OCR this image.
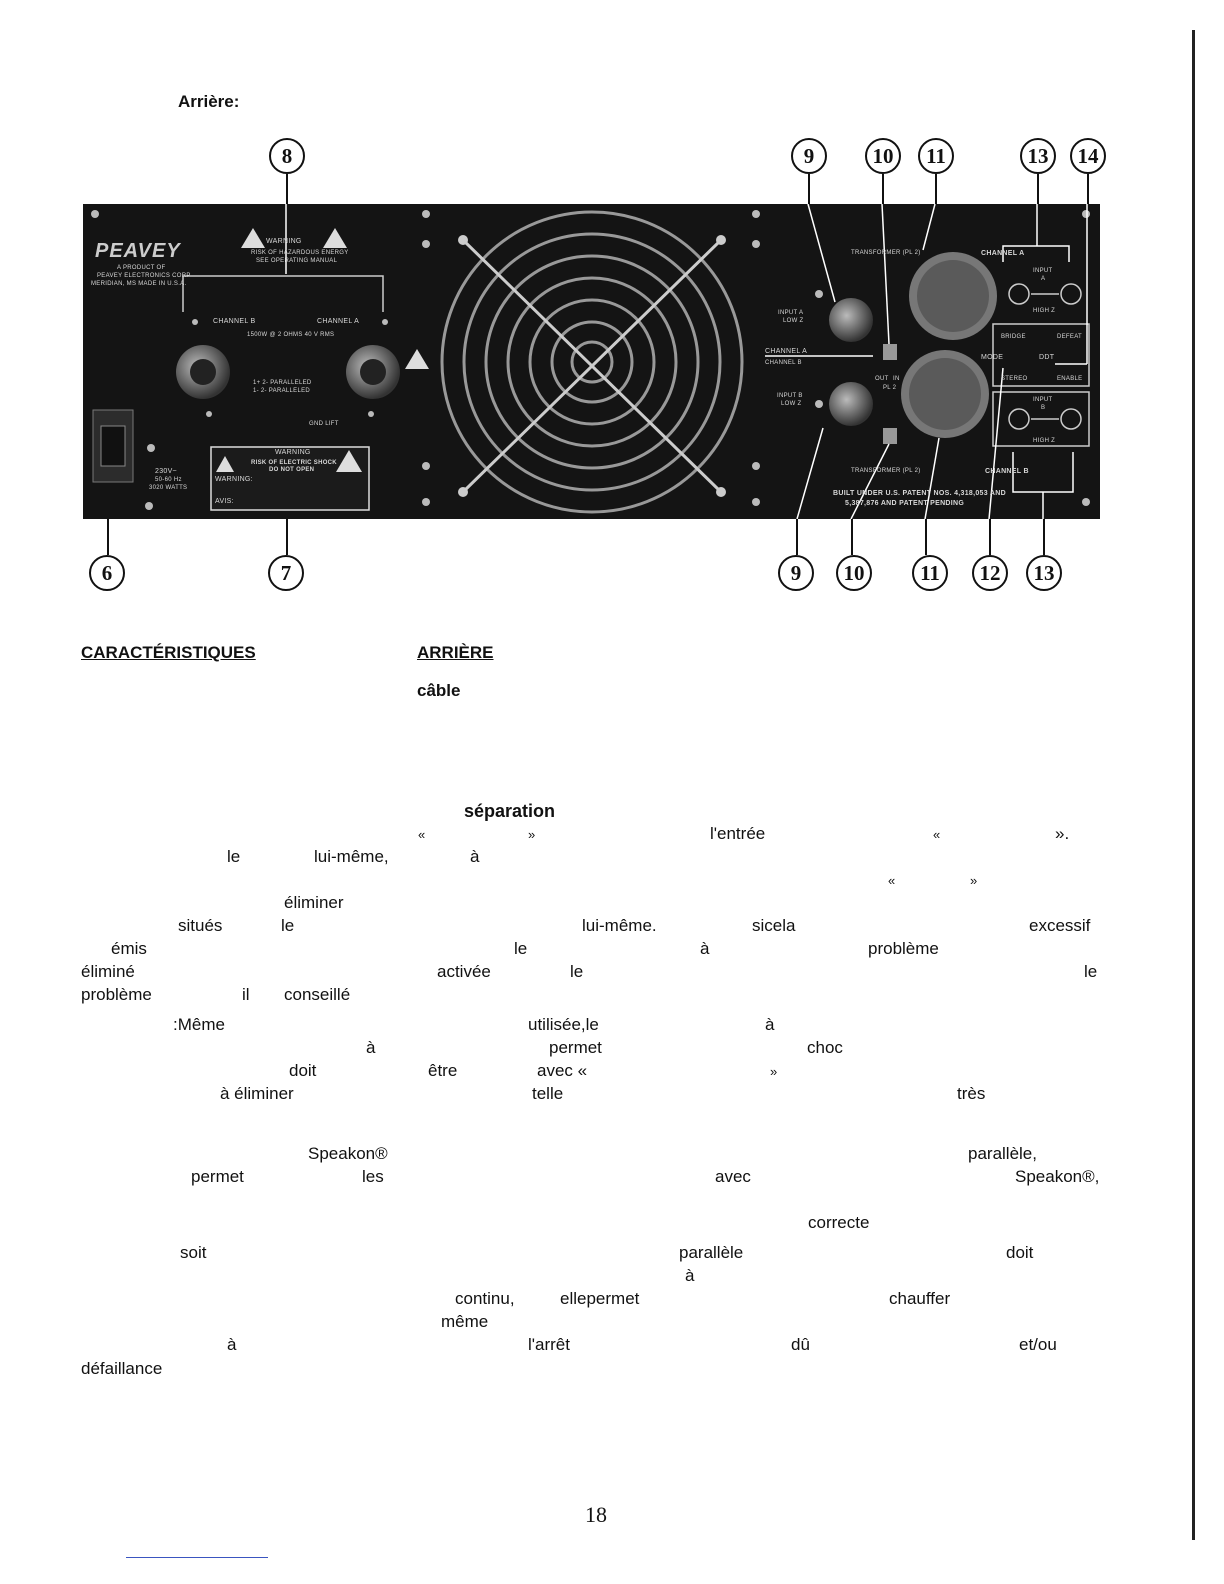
Arrière:
8	9	10	11	13	14
PEAVEY
A PRODUCT OF
PEAVEY ELECTRONICS CORP
MERIDIAN, MS MADE IN U.S.A.
WARNING
RISK OF HAZARDOUS ENERGY
SEE OPERATING MANUAL
CHANNEL B	CHANNEL A
1500W @ 2 OHMS 40 V RMS
1+ 2- PARALLELED
1- 2- PARALLELED
GND LIFT
230V~
50-60 Hz
3020 WATTS
WARNING
RISK OF ELECTRIC SHOCK
DO NOT OPEN
WARNING:
AVIS:
INPUT A
LOW Z
INPUT B
LOW Z
CHANNEL A
CHANNEL B
TRANSFORMER (PL 2)
TRANSFORMER (PL 2)
OUT IN
PL 2
CHANNEL A
INPUT
A
HIGH Z
BRIDGE	DEFEAT
MODE	DDT
STEREO	ENABLE
INPUT
B
HIGH Z
CHANNEL B
BUILT UNDER U.S. PATENT NOS. 4,318,053 AND
5,387,876 AND PATENT PENDING
6	7	9	10	11	12	13
CARACTÉRISTIQUES	ARRIÈRE
câble
séparation
«	»	l'entrée	«	».
le	lui-même,	à
«	»
éliminer
situés	le	lui-même.	sicela	excessif
émis	le	à	problème
éliminé	activée	le	le
problème	il conseillé
:Même	utilisée,le	à
à	permet	choc
doit	être	avec «	»
à éliminer	telle	très
Speakon®	parallèle,
permet	les	avec	Speakon®,
correcte
soit	parallèle	doit
à
continu,	ellepermet	chauffer
même
à	l'arrêt	dû	et/ou
défaillance
18
